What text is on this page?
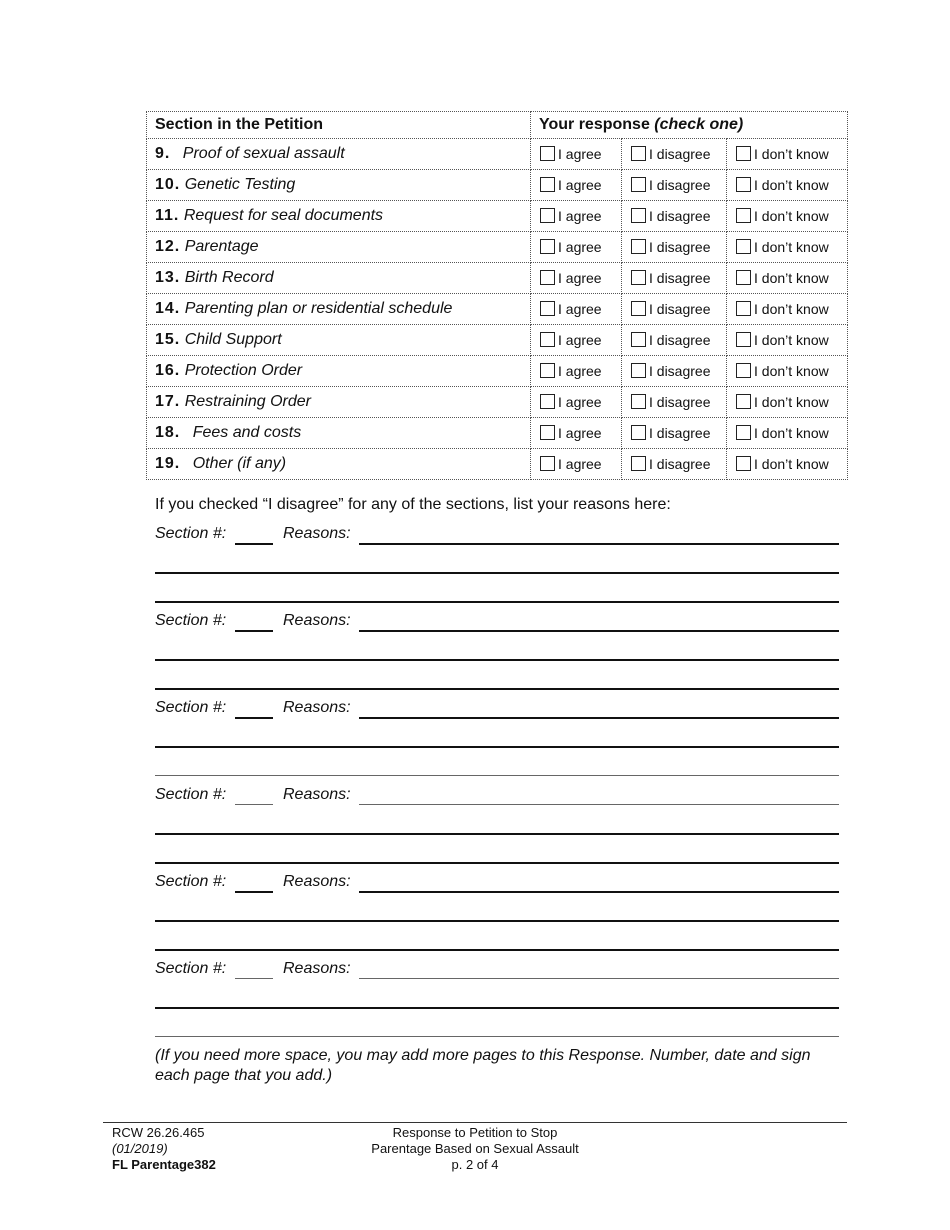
Section in the Petition	Your response (check one)		
9. Proof of sexual assault	I agree	I disagree	I don’t know
10. Genetic Testing	I agree	I disagree	I don’t know
11. Request for seal documents	I agree	I disagree	I don’t know
12. Parentage	I agree	I disagree	I don’t know
13. Birth Record	I agree	I disagree	I don’t know
14. Parenting plan or residential schedule	I agree	I disagree	I don’t know
15. Child Support	I agree	I disagree	I don’t know
16. Protection Order	I agree	I disagree	I don’t know
17. Restraining Order	I agree	I disagree	I don’t know
18. Fees and costs	I agree	I disagree	I don’t know
19. Other (if any)	I agree	I disagree	I don’t know
If you checked “I disagree” for any of the sections, list your reasons here:
Section #:	Reasons:
Section #:	Reasons:
Section #:	Reasons:
Section #:	Reasons:
Section #:	Reasons:
Section #:	Reasons:
(If you need more space, you may add more pages to this Response. Number, date and sign each page that you add.)
RCW 26.26.465
(01/2019)
FL Parentage382
Response to Petition to Stop
Parentage Based on Sexual Assault
p. 2 of 4
